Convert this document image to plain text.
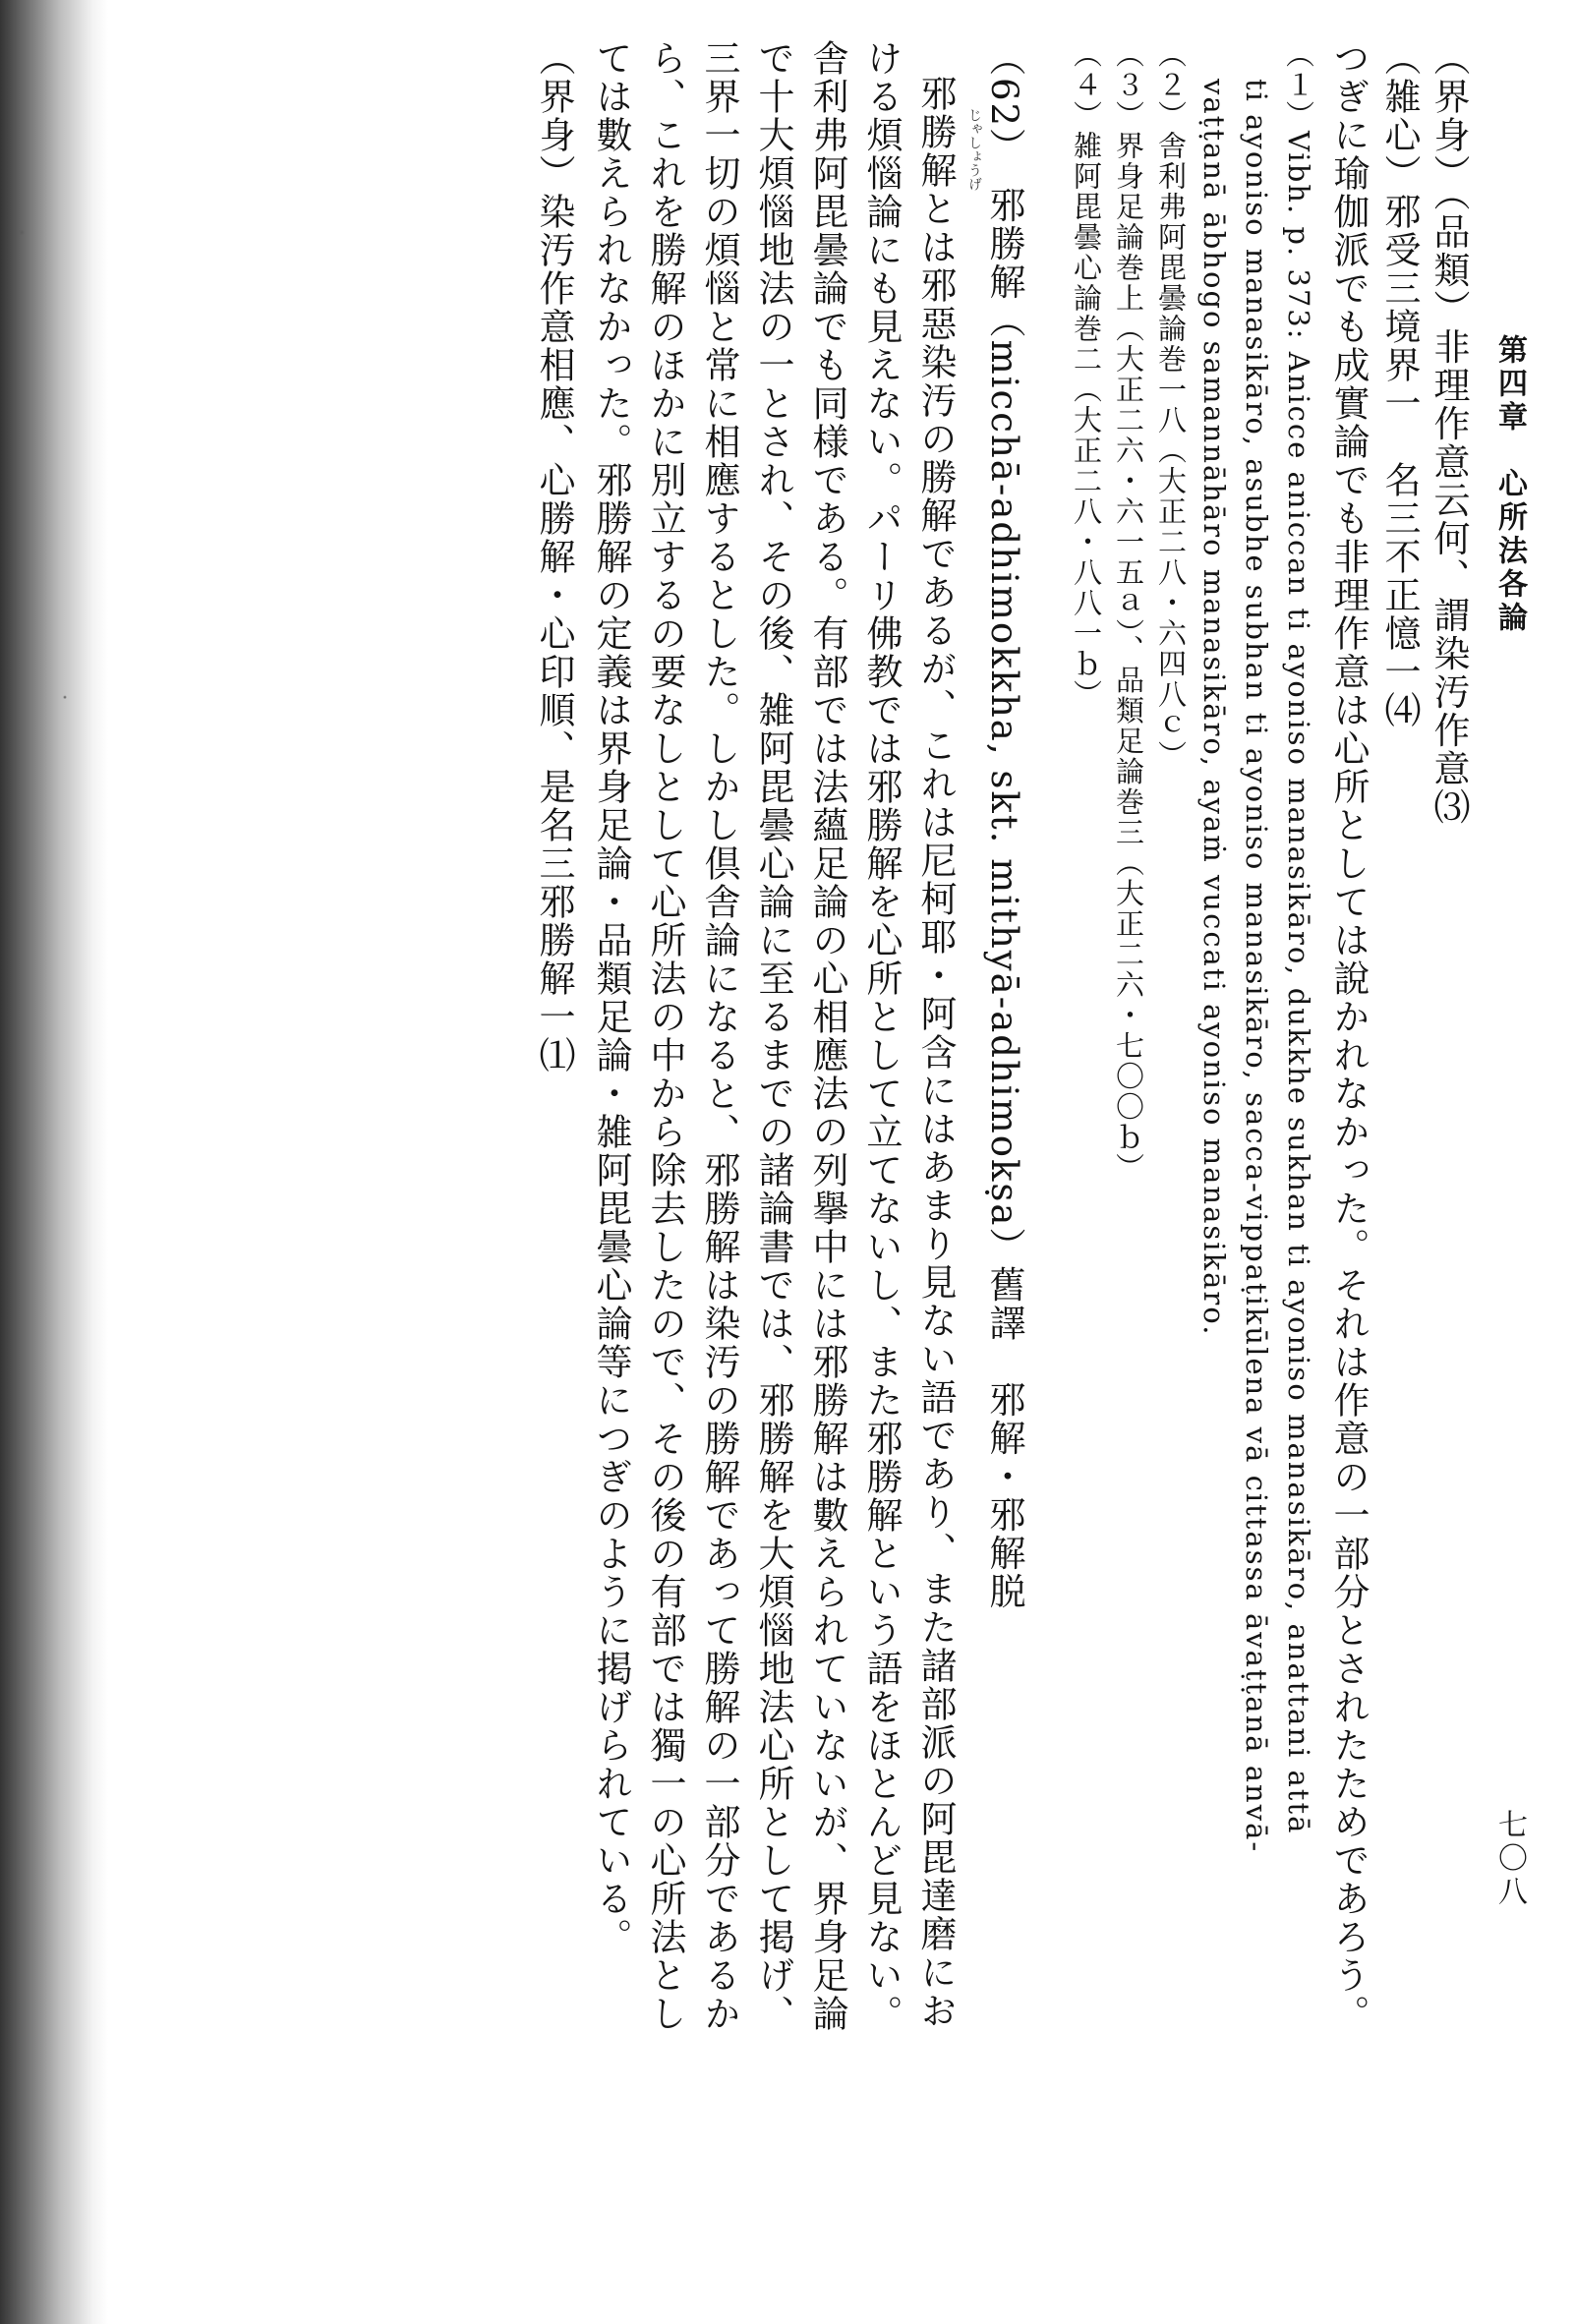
第四章　心所法各論
七〇八
（界身）（品類）非理作意云何、謂染汚作意⑶
（雑心）邪受三境界一　名三不正憶一⑷
つぎに瑜伽派でも成實論でも非理作意は心所としては說かれなかった。それは作意の一部分とされたためであろう。
（１）Vibh. p. 373: Anicce aniccan ti ayoniso manasikāro, dukkhe sukhan ti ayoniso manasikāro, anattani attā
ti ayoniso manasikāro, asubhe subhan ti ayoniso manasikāro, sacca-vippaṭikūlena vā cittassa āvaṭṭanā anvā-
vaṭṭanā ābhogo samannāhāro manasikāro, ayaṁ vuccati ayoniso manasikāro.
（２）舎利弗阿毘曇論巻一八（大正二八・六四八ｃ）
（３）界身足論巻上（大正二六・六一五ａ）、品類足論巻三（大正二六・七〇〇ｂ）
（４）雑阿毘曇心論巻二（大正二八・八八一ｂ）
（62）　邪勝解（micchā-adhimokkha, skt. mithyā-adhimokṣa）舊譯　邪解・邪解脱
じゃしょうげ
邪勝解とは邪惡染汚の勝解であるが、これは尼柯耶・阿含にはあまり見ない語であり、また諸部派の阿毘達磨にお
ける煩惱論にも見えない。パーリ佛教では邪勝解を心所として立てないし、また邪勝解という語をほとんど見ない。
舎利弗阿毘曇論でも同様である。有部では法蘊足論の心相應法の列擧中には邪勝解は數えられていないが、界身足論
で十大煩惱地法の一とされ、その後、雑阿毘曇心論に至るまでの諸論書では、邪勝解を大煩惱地法心所として掲げ、
三界一切の煩惱と常に相應するとした。しかし倶舎論になると、邪勝解は染汚の勝解であって勝解の一部分であるか
ら、これを勝解のほかに別立するの要なしとして心所法の中から除去したので、その後の有部では獨一の心所法とし
ては數えられなかった。邪勝解の定義は界身足論・品類足論・雑阿毘曇心論等につぎのように掲げられている。
（界身）染汚作意相應、心勝解・心印順、是名三邪勝解一⑴
